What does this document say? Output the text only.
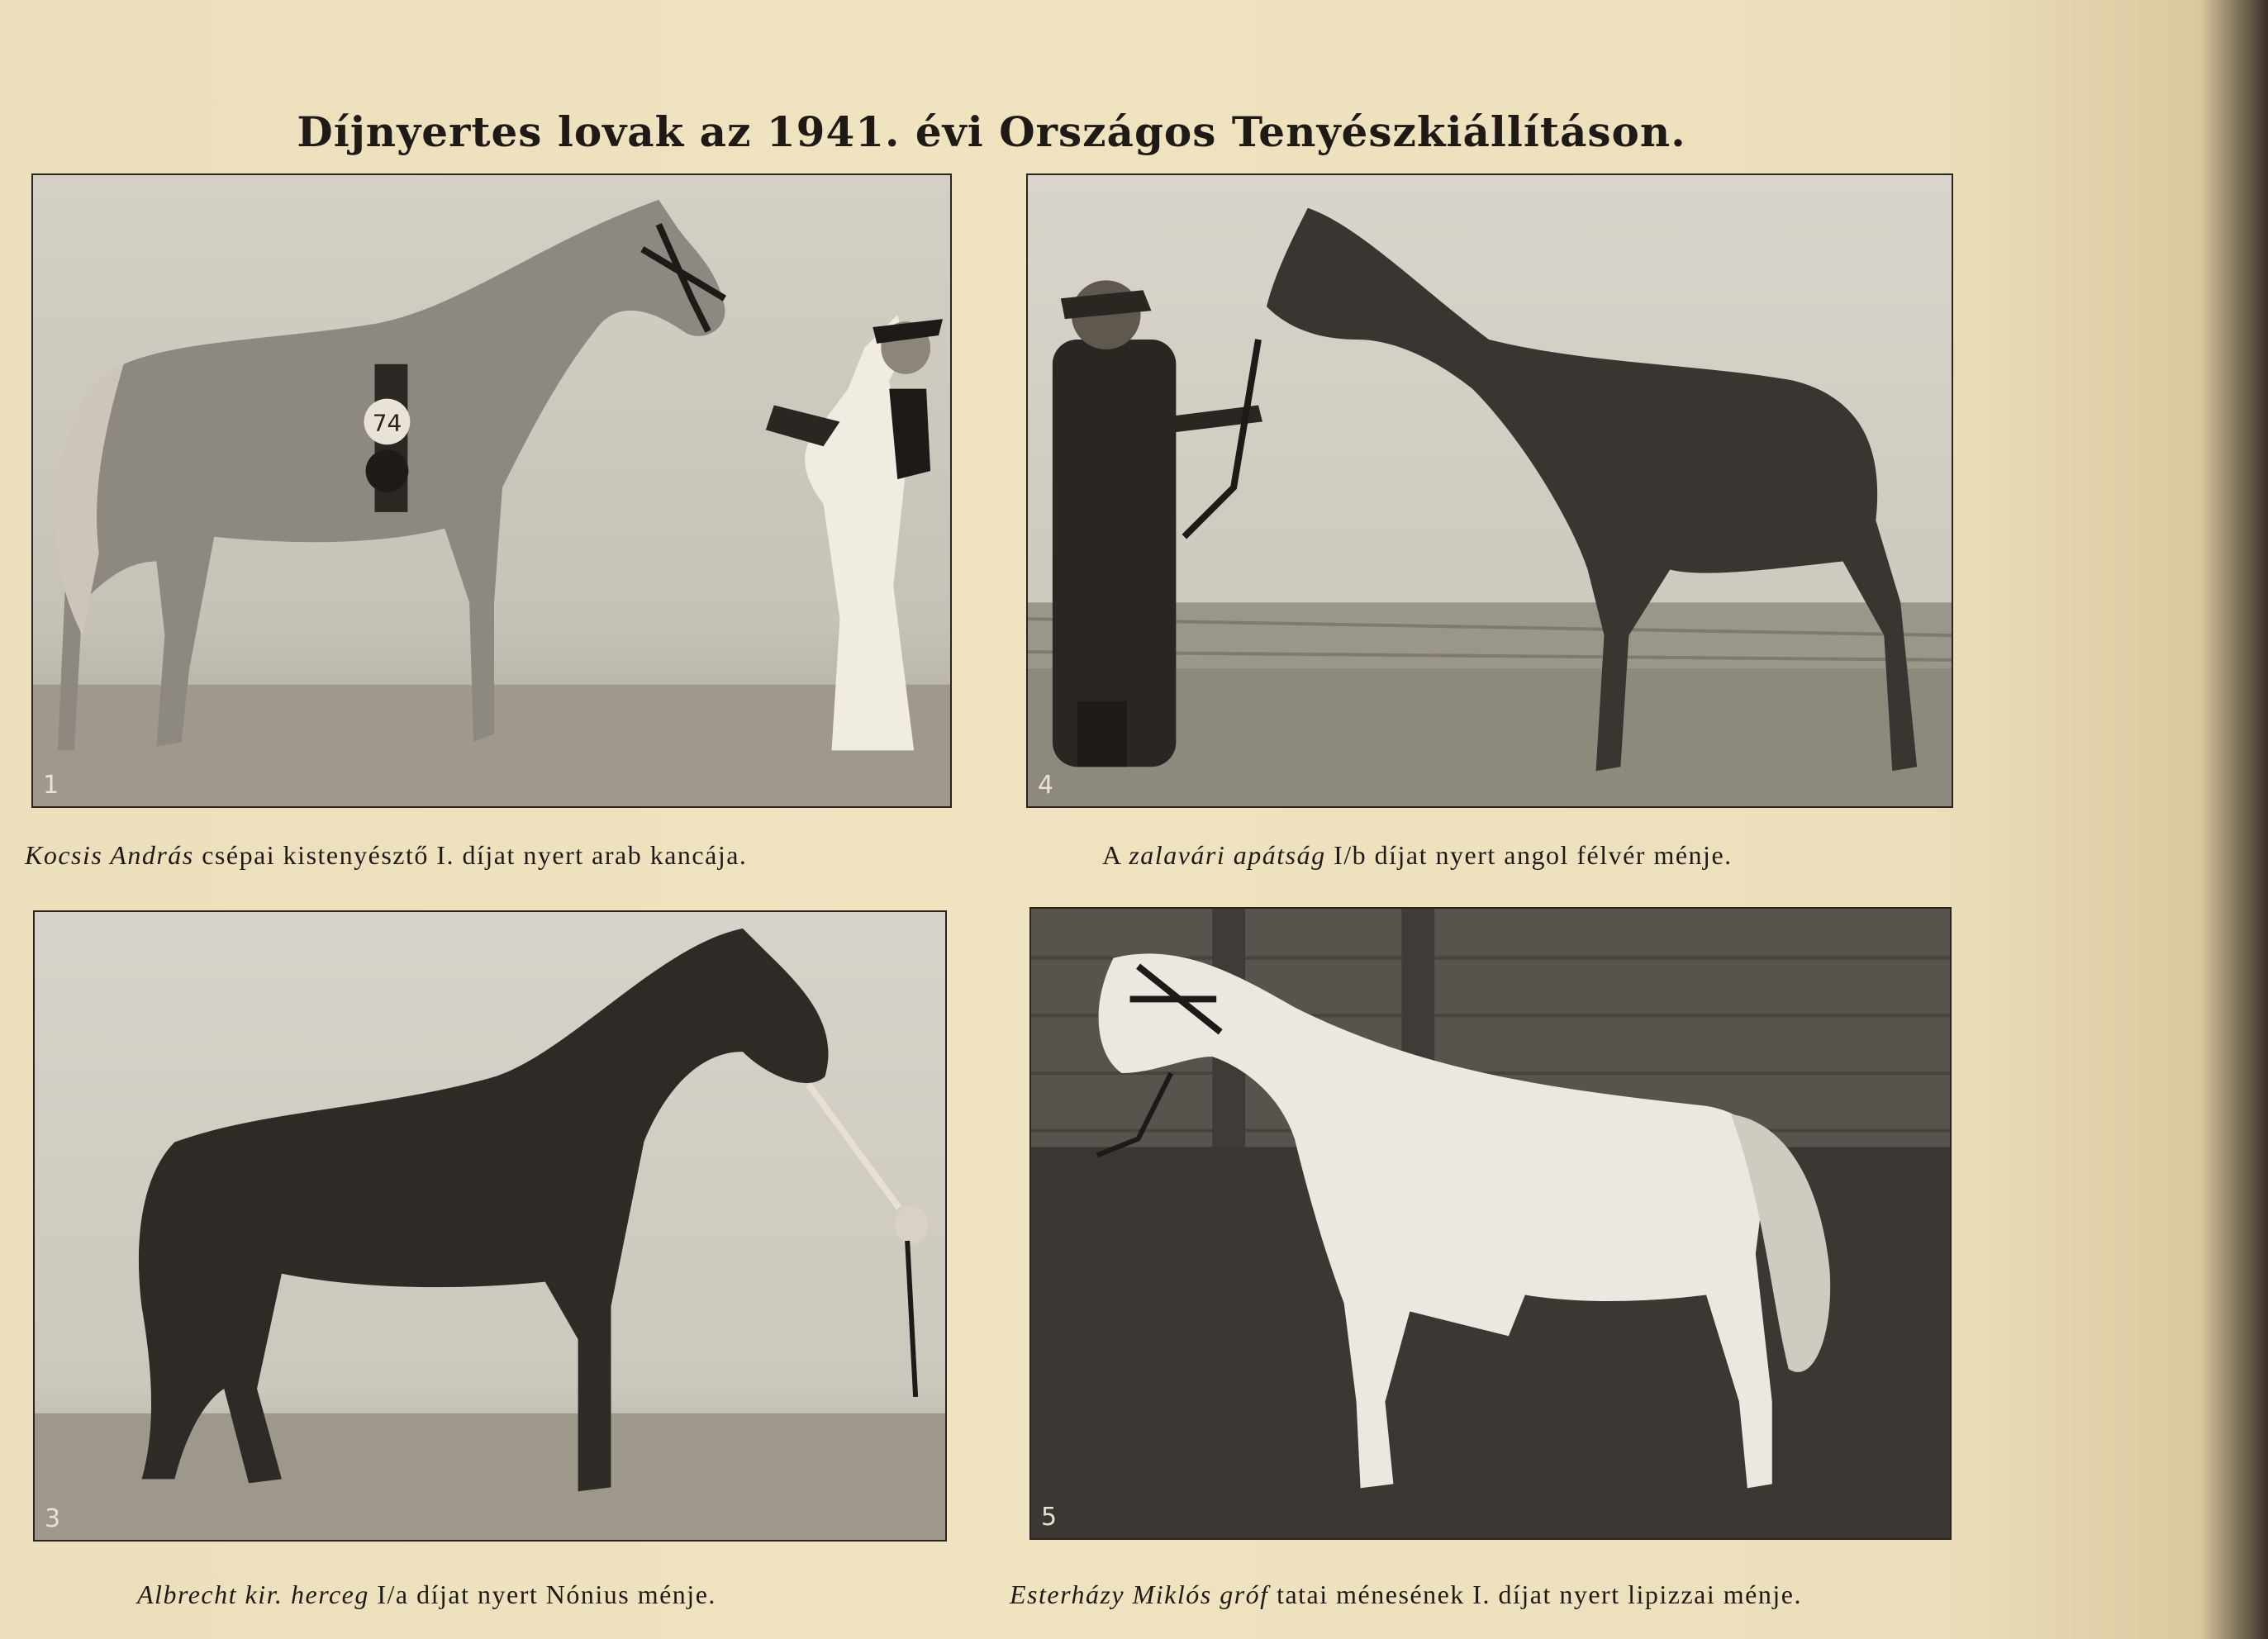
Díjnyertes lovak az 1941. évi Országos Tenyészkiállításon.
74
1	4
3	5
Kocsis András csépai kistenyésztő I. díjat nyert arab kancája.	A zalavári apátság I/b díjat nyert angol félvér ménje.
Albrecht kir. herceg I/a díjat nyert Nónius ménje.	Esterházy Miklós gróf tatai ménesének I. díjat nyert lipizzai ménje.
